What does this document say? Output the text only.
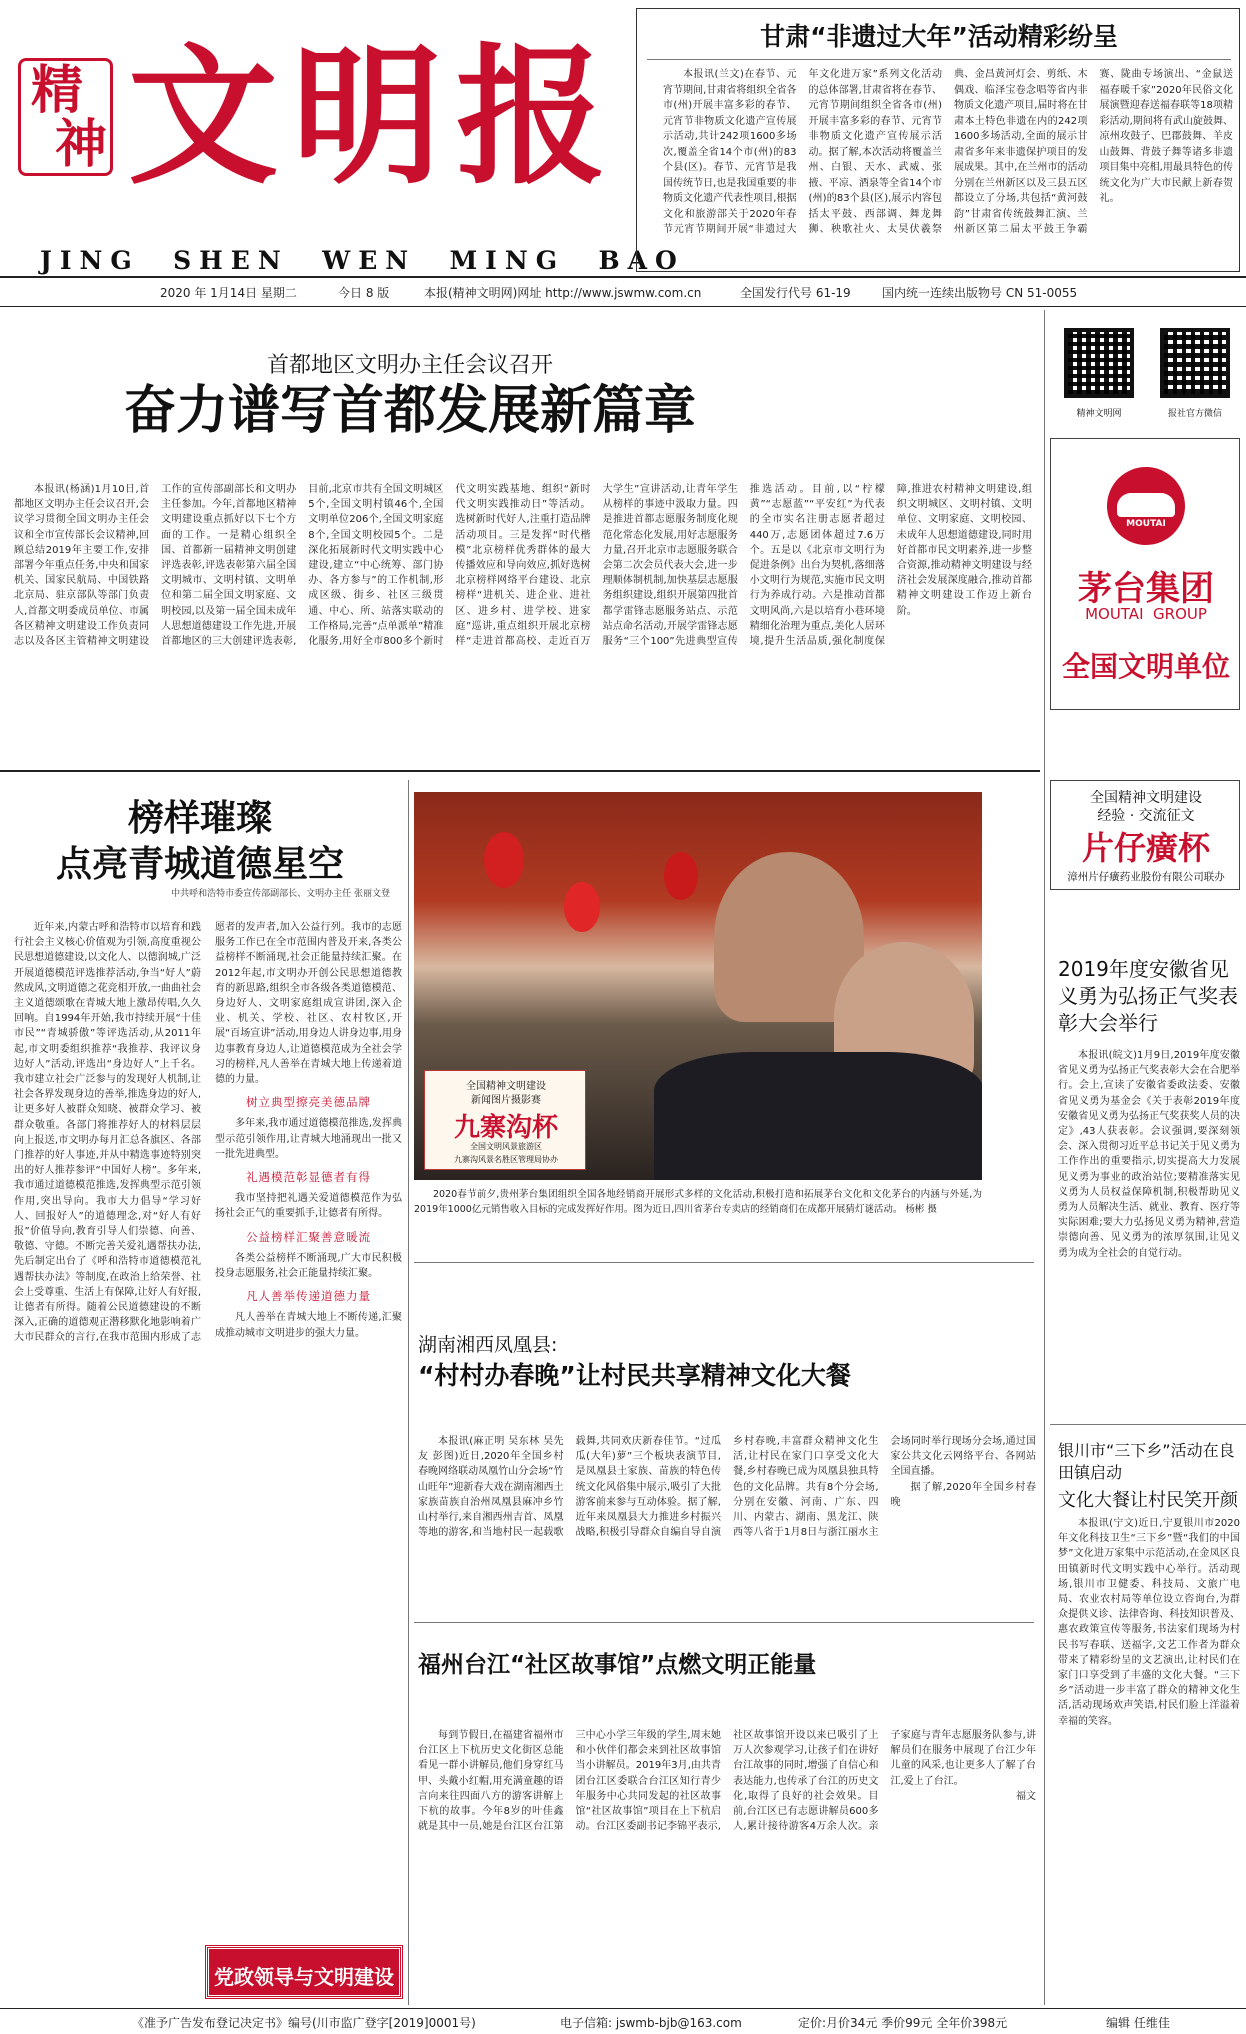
精
神 文 明 报
JING  SHEN  WEN  MING  BAO
甘肃“非遗过大年”活动精彩纷呈

本报讯(兰文)在春节、元宵节期间,甘肃省将组织全省各市(州)开展丰富多彩的春节、元宵节非物质文化遗产宣传展示活动,共计242项1600多场次,覆盖全省14个市(州)的83个县(区)。春节、元宵节是我国传统节日,也是我国重要的非物质文化遗产代表性项目,根据文化和旅游部关于2020年春节元宵节期间开展“非遗过大年文化进万家”系列文化活动的总体部署,甘肃省将在春节、元宵节期间组织全省各市(州)开展丰富多彩的春节、元宵节非物质文化遗产宣传展示活动。据了解,本次活动将覆盖兰州、白银、天水、武威、张掖、平凉、酒泉等全省14个市(州)的83个县(区),展示内容包括太平鼓、西部调、舞龙舞狮、秧歌社火、太昊伏羲祭典、金昌黄河灯会、剪纸、木偶戏、临泽宝卷念唱等省内非物质文化遗产项目,届时将在甘肃本土特色非遗在内的242项1600多场活动,全面的展示甘肃省多年来非遗保护项目的发展成果。其中,在兰州市的活动分别在兰州新区以及三县五区都设立了分场,共包括“黄河鼓韵”甘肃省传统鼓舞汇演、兰州新区第二届太平鼓王争霸赛、陇曲专场演出、“金鼠送福春暖千家”2020年民俗文化展演暨迎春送福春联等18项精彩活动,期间将有武山旋鼓舞、凉州攻鼓子、巴郡鼓舞、羊皮山鼓舞、背鼓子舞等诸多非遗项目集中亮相,用最具特色的传统文化为广大市民献上新春贺礼。

2020 年 1月14日 星期二	今日 8 版	本报(精神文明网)网址 http://www.jswmw.com.cn	全国发行代号 61-19	国内统一连续出版物号 CN 51-0055
首都地区文明办主任会议召开
奋力谱写首都发展新篇章

本报讯(杨涵)1月10日,首都地区文明办主任会议召开,会议学习贯彻全国文明办主任会议和全市宣传部长会议精神,回顾总结2019年主要工作,安排部署今年重点任务,中央和国家机关、国家民航局、中国铁路北京局、驻京部队等部门负责人,首都文明委成员单位、市属各区精神文明建设工作负责同志以及各区主管精神文明建设工作的宣传部副部长和文明办主任参加。今年,首都地区精神文明建设重点抓好以下七个方面的工作。一是精心组织全国、首都新一届精神文明创建评选表彰,评选表彰第六届全国文明城市、文明村镇、文明单位和第二届全国文明家庭、文明校园,以及第一届全国未成年人思想道德建设工作先进,开展首都地区的三大创建评选表彰,目前,北京市共有全国文明城区5个,全国文明村镇46个,全国文明单位206个,全国文明家庭8个,全国文明校园5个。二是深化拓展新时代文明实践中心建设,建立“中心统筹、部门协办、各方参与”的工作机制,形成区级、街乡、社区三级贯通、中心、所、站落实联动的工作格局,完善“点单派单”精准化服务,用好全市800多个新时代文明实践基地、组织“新时代文明实践推动日”等活动。选树新时代好人,注重打造品牌活动项目。三是发挥“时代楷模”北京榜样优秀群体的最大传播效应和导向效应,抓好选树北京榜样网络平台建设、北京榜样“进机关、进企业、进社区、进乡村、进学校、进家庭”巡讲,重点组织开展北京榜样“走进首都高校、走近百万大学生”宣讲活动,让青年学生从榜样的事迹中汲取力量。四是推进首都志愿服务制度化规范化常态化发展,用好志愿服务力量,召开北京市志愿服务联合会第二次会员代表大会,进一步理顺体制机制,加快基层志愿服务组织建设,组织开展第四批首都学雷锋志愿服务站点、示范站点命名活动,开展学雷锋志愿服务“三个100”先进典型宣传推选活动。目前,以“柠檬黄”“志愿蓝”“平安红”为代表的全市实名注册志愿者超过440万,志愿团体超过7.6万个。五是以《北京市文明行为促进条例》出台为契机,落细落小文明行为规范,实施市民文明行为养成行动。六是推动首都文明风尚,六是以培育小巷环境精细化治理为重点,美化人居环境,提升生活品质,强化制度保障,推进农村精神文明建设,组织文明城区、文明村镇、文明单位、文明家庭、文明校园、未成年人思想道德建设,同时用好首都市民文明素养,进一步整合资源,推动精神文明建设与经济社会发展深度融合,推动首都精神文明建设工作迈上新台阶。

精神文明网	报社官方微信
MOUTAI
茅台集团
MOUTAI  GROUP
全国文明单位
榜样璀璨
点亮青城道德星空
中共呼和浩特市委宣传部副部长、文明办主任 张丽文登

近年来,内蒙古呼和浩特市以培育和践行社会主义核心价值观为引领,高度重视公民思想道德建设,以文化人、以德润城,广泛开展道德模范评选推荐活动,争当“好人”蔚然成风,文明道德之花竞相开放,一曲曲社会主义道德颂歌在青城大地上激昂传唱,久久回响。自1994年开始,我市持续开展“十佳市民”“青城骄傲”等评选活动,从2011年起,市文明委组织推荐“我推荐、我评议身边好人”活动,评选出“身边好人”上千名。我市建立社会广泛参与的发现好人机制,让社会各界发现身边的善举,推选身边的好人,让更多好人被群众知晓、被群众学习、被群众敬重。各部门将推荐好人的材料层层向上报送,市文明办每月汇总各旗区、各部门推荐的好人事迹,并从中精选事迹特别突出的好人推荐参评“中国好人榜”。多年来,我市通过道德模范推选,发挥典型示范引领作用,突出导向。我市大力倡导“学习好人、回报好人”的道德理念,对“好人有好报”价值导向,教育引导人们崇德、向善、敬德、守德。不断完善关爱礼遇帮扶办法,先后制定出台了《呼和浩特市道德模范礼遇帮扶办法》等制度,在政治上给荣誉、社会上受尊重、生活上有保障,让好人有好报,让德者有所得。随着公民道德建设的不断深入,正确的道德观正潜移默化地影响着广大市民群众的言行,在我市范围内形成了志愿者的发声者,加入公益行列。我市的志愿服务工作已在全市范围内普及开来,各类公益榜样不断涌现,社会正能量持续汇聚。在2012年起,市文明办开创公民思想道德教育的新思路,组织全市各级各类道德模范、身边好人、文明家庭组成宣讲团,深入企业、机关、学校、社区、农村牧区,开展“百场宣讲”活动,用身边人讲身边事,用身边事教育身边人,让道德模范成为全社会学习的榜样,凡人善举在青城大地上传递着道德的力量。

树立典型擦亮美德品牌

多年来,我市通过道德模范推选,发挥典型示范引领作用,让青城大地涌现出一批又一批先进典型。

礼遇模范彰显德者有得

我市坚持把礼遇关爱道德模范作为弘扬社会正气的重要抓手,让德者有所得。

公益榜样汇聚善意暖流

各类公益榜样不断涌现,广大市民积极投身志愿服务,社会正能量持续汇聚。

凡人善举传递道德力量

凡人善举在青城大地上不断传递,汇聚成推动城市文明进步的强大力量。

党政领导与文明建设
全国精神文明建设
新闻图片摄影赛
九寨沟杯
全国文明风景旅游区
九寨沟风景名胜区管理局协办

2020春节前夕,贵州茅台集团组织全国各地经销商开展形式多样的文化活动,积极打造和拓展茅台文化和文化茅台的内涵与外延,为2019年1000亿元销售收入目标的完成发挥好作用。图为近日,四川省茅台专卖店的经销商们在成都开展猜灯谜活动。 杨彬 摄

湖南湘西凤凰县:
“村村办春晚”让村民共享精神文化大餐

本报讯(麻正明 吴东林 吴先友 彭图)近日,2020年全国乡村春晚网络联动凤凰竹山分会场“竹山旺年”迎新春大戏在湖南湘西土家族苗族自治州凤凰县麻冲乡竹山村举行,来自湘西州吉首、凤凰等地的游客,和当地村民一起载歌载舞,共同欢庆新春佳节。“过瓜瓜(大年)萝”三个板块表演节目,是凤凰县土家族、苗族的特色传统文化风俗集中展示,吸引了大批游客前来参与互动体验。据了解,近年来凤凰县大力推进乡村振兴战略,积极引导群众自编自导自演乡村春晚,丰富群众精神文化生活,让村民在家门口享受文化大餐,乡村春晚已成为凤凰县独具特色的文化品牌。共有8个分会场,分别在安徽、河南、广东、四川、内蒙古、湖南、黑龙江、陕西等八省于1月8日与浙江丽水主会场同时举行现场分会场,通过国家公共文化云网络平台、各网站全国直播。

据了解,2020年全国乡村春晚

福州台江“社区故事馆”点燃文明正能量

每到节假日,在福建省福州市台江区上下杭历史文化街区总能看见一群小讲解员,他们身穿红马甲、头戴小红帽,用充满童趣的语言向来往四面八方的游客讲解上下杭的故事。今年8岁的叶佳鑫就是其中一员,她是台江区台江第三中心小学三年级的学生,周末她和小伙伴们都会来到社区故事馆当小讲解员。2019年3月,由共青团台江区委联合台江区知行青少年服务中心共同发起的社区故事馆“社区故事馆”项目在上下杭启动。台江区委副书记李锦平表示,社区故事馆开设以来已吸引了上万人次参观学习,让孩子们在讲好台江故事的同时,增强了自信心和表达能力,也传承了台江的历史文化,取得了良好的社会效果。目前,台江区已有志愿讲解员600多人,累计接待游客4万余人次。亲子家庭与青年志愿服务队参与,讲解员们在服务中展现了台江少年儿童的风采,也让更多人了解了台江,爱上了台江。

福文

全国精神文明建设
经验 · 交流征文
片仔癀杯
漳州片仔癀药业股份有限公司联办
2019年度安徽省见义勇为弘扬正气奖表彰大会举行

本报讯(皖文)1月9日,2019年度安徽省见义勇为弘扬正气奖表彰大会在合肥举行。会上,宣读了安徽省委政法委、安徽省见义勇为基金会《关于表彰2019年度安徽省见义勇为弘扬正气奖获奖人员的决定》,43人获表彰。会议强调,要深刻领会、深入贯彻习近平总书记关于见义勇为工作作出的重要指示,切实提高大力发展见义勇为事业的政治站位;要精准落实见义勇为人员权益保障机制,积极帮助见义勇为人员解决生活、就业、教育、医疗等实际困难;要大力弘扬见义勇为精神,营造崇德向善、见义勇为的浓厚氛围,让见义勇为成为全社会的自觉行动。

银川市“三下乡”活动在良田镇启动
文化大餐让村民笑开颜

本报讯(宁文)近日,宁夏银川市2020年文化科技卫生“三下乡”暨“我们的中国梦”文化进万家集中示范活动,在金凤区良田镇新时代文明实践中心举行。活动现场,银川市卫健委、科技局、文旅广电局、农业农村局等单位设立咨询台,为群众提供义诊、法律咨询、科技知识普及、惠农政策宣传等服务,书法家们现场为村民书写春联、送福字,文艺工作者为群众带来了精彩纷呈的文艺演出,让村民们在家门口享受到了丰盛的文化大餐。“三下乡”活动进一步丰富了群众的精神文化生活,活动现场欢声笑语,村民们脸上洋溢着幸福的笑容。

《准予广告发布登记决定书》编号(川市监广登字[2019]0001号)	电子信箱: jswmb-bjb@163.com	定价:月价34元 季价99元 全年价398元	编辑 任维佳
